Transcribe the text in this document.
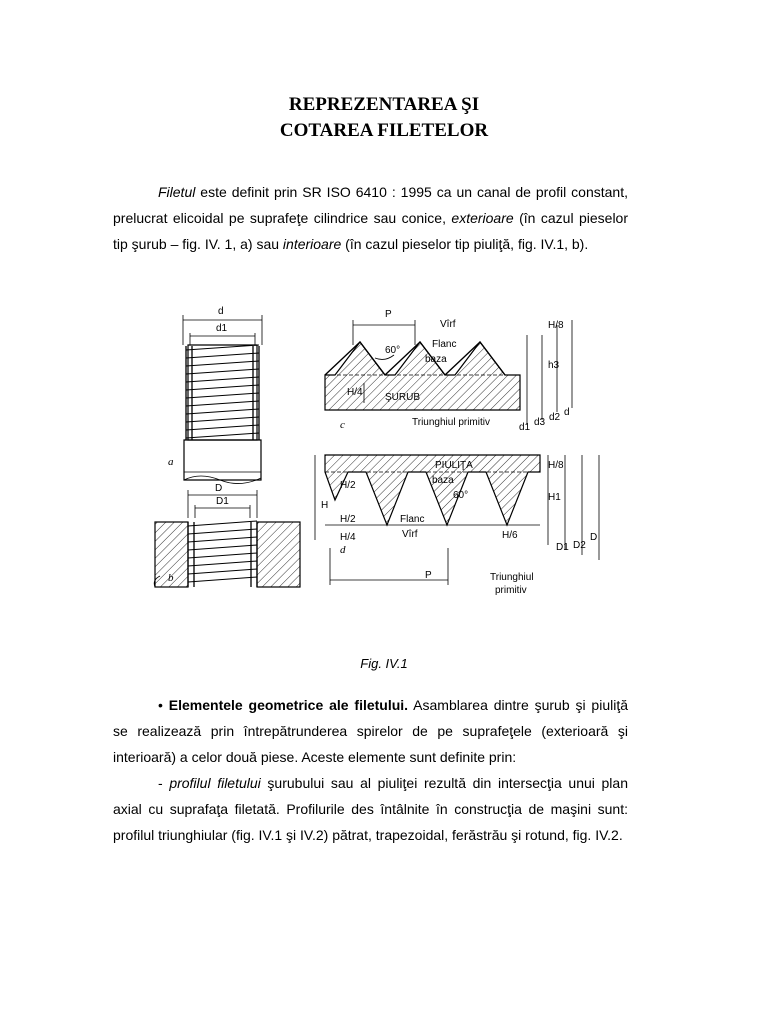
REPREZENTAREA ŞI
COTAREA FILETELOR

Filetul este definit prin SR ISO 6410 : 1995 ca un canal de profil constant, prelucrat elicoidal pe suprafeţe cilindrice sau conice, exterioare (în cazul pieselor tip şurub – fig. IV. 1, a) sau interioare (în cazul pieselor tip piuliţă, fig. IV.1, b).

d
d1
D
D1
a
b
P
Vîrf
Flanc
baza
60°
ŞURUB
Triunghiul primitiv
H/8
h3
H/4
d1 d3 d2 d
c
PIULIŢA
baza
60°
Flanc
Vîrf
H
H/2
H/2
H/4
H/8
H1
H/6
D1 D2
D
P	Triunghiul
primitiv
d
Fig. IV.1

• Elementele geometrice ale filetului. Asamblarea dintre şurub şi piuliţă se realizează prin întrepătrunderea spirelor de pe suprafeţele (exterioară şi interioară) a celor două piese. Aceste elemente sunt definite prin:

- profilul filetului şurubului sau al piuliţei rezultă din intersecţia unui plan axial cu suprafaţa filetată. Profilurile des întâlnite în construcţia de maşini sunt: profilul triunghiular (fig. IV.1 şi IV.2) pătrat, trapezoidal, ferăstrău şi rotund, fig. IV.2.
